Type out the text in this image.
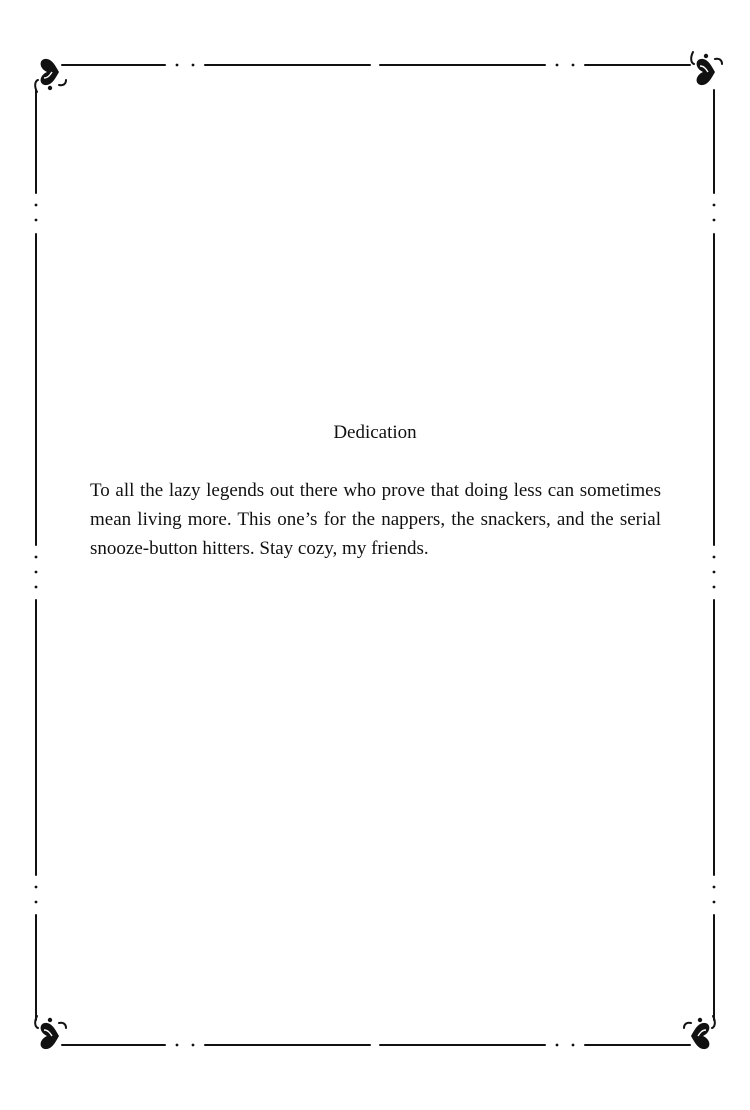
Dedication

To all the lazy legends out there who prove that doing less can sometimes mean living more. This one’s for the nappers, the snackers, and the serial snooze-button hitters. Stay cozy, my friends.
